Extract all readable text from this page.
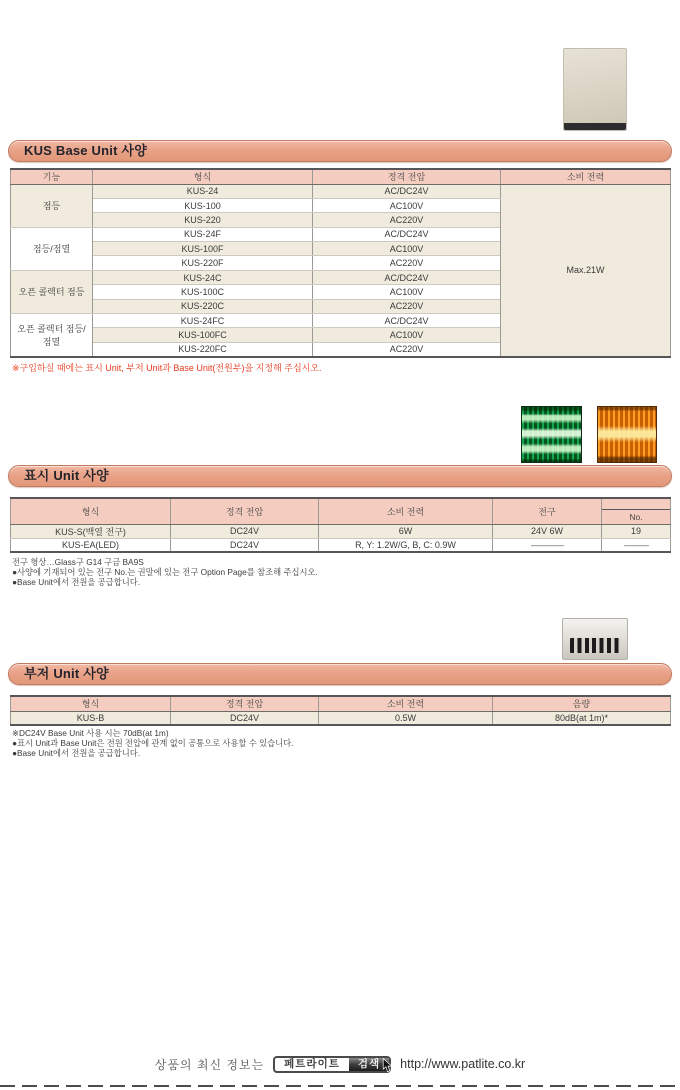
KUS Base Unit 사양
기능	형식	정격 전압	소비 전력
점등	KUS-24	AC/DC24V	Max.21W
	KUS-100	AC100V	
	KUS-220	AC220V	
점등/점멸	KUS-24F	AC/DC24V	
	KUS-100F	AC100V	
	KUS-220F	AC220V	
오픈 콜렉터 점등	KUS-24C	AC/DC24V	
	KUS-100C	AC100V	
	KUS-220C	AC220V	
오픈 콜렉터 점등/점멸	KUS-24FC	AC/DC24V	
	KUS-100FC	AC100V	
	KUS-220FC	AC220V	
※구입하실 때에는 표시 Unit, 부저 Unit과 Base Unit(전원부)을 지정해 주십시오.
표시 Unit 사양
형식	정격 전압	소비 전력	전구	No.

KUS-S(백열 전구)	DC24V	6W	24V 6W	19
KUS-EA(LED)	DC24V	R, Y: 1.2W/G, B, C: 0.9W	————	———
전구 형상…Glass구 G14 구금 BA9S
●사양에 기재되어 있는 전구 No.는 권말에 있는 전구 Option Page를 참조해 주십시오.
●Base Unit에서 전원을 공급합니다.
부저 Unit 사양
형식	정격 전압	소비 전력	음량
KUS-B	DC24V	0.5W	80dB(at 1m)*
※DC24V Base Unit 사용 시는 70dB(at 1m)
●표시 Unit과 Base Unit은 전원 전압에 관계 없이 공통으로 사용할 수 있습니다.
●Base Unit에서 전원을 공급합니다.
상품의 최신 정보는	페트라이트	검색	http://www.patlite.co.kr
